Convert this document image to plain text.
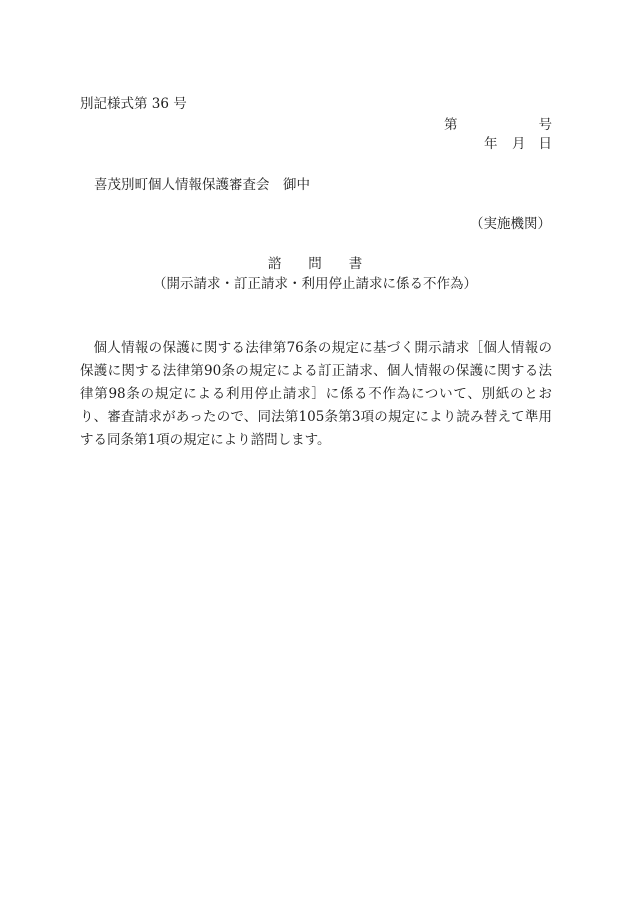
別記様式第 36 号
第	号
年 月 日
喜茂別町個人情報保護審査会　御中
（実施機関）
諮　　問　　書
（開示請求・訂正請求・利用停止請求に係る不作為）
個人情報の保護に関する法律第76条の規定に基づく開示請求［個人情報の保護に関する法律第90条の規定による訂正請求、個人情報の保護に関する法律第98条の規定による利用停止請求］に係る不作為について、別紙のとおり、審査請求があったので、同法第105条第3項の規定により読み替えて準用する同条第1項の規定により諮問します。
